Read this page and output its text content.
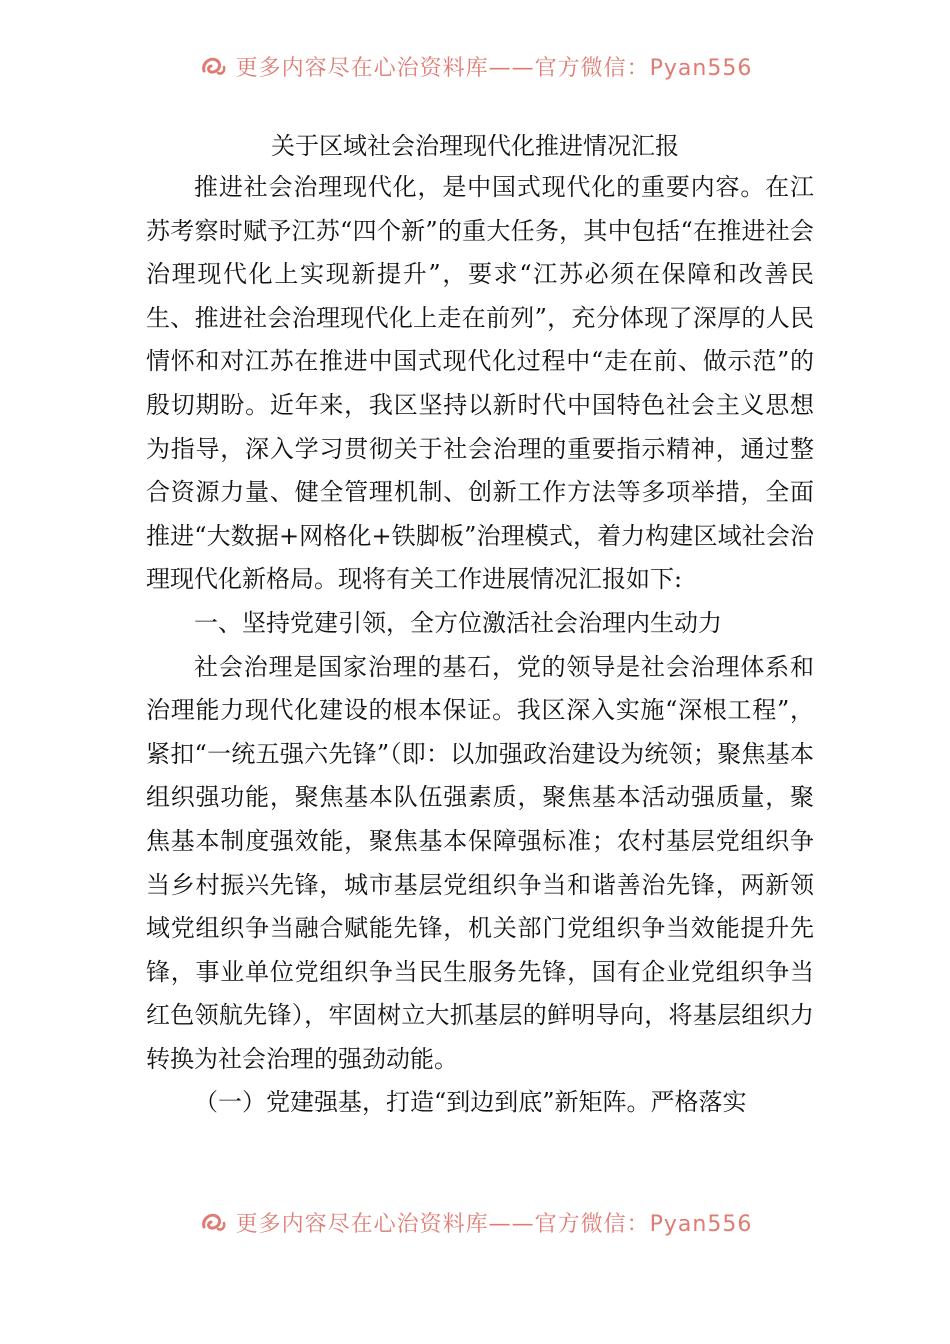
更多内容尽在心治资料库——官方微信：Pyan556
关于区域社会治理现代化推进情况汇报

推进社会治理现代化，是中国式现代化的重要内容。在江苏考察时赋予江苏“四个新”的重大任务，其中包括“在推进社会治理现代化上实现新提升”，要求“江苏必须在保障和改善民生、推进社会治理现代化上走在前列”，充分体现了深厚的人民情怀和对江苏在推进中国式现代化过程中“走在前、做示范”的殷切期盼。近年来，我区坚持以新时代中国特色社会主义思想为指导，深入学习贯彻关于社会治理的重要指示精神，通过整合资源力量、健全管理机制、创新工作方法等多项举措，全面推进“大数据+网格化+铁脚板”治理模式，着力构建区域社会治理现代化新格局。现将有关工作进展情况汇报如下:

一、坚持党建引领，全方位激活社会治理内生动力

社会治理是国家治理的基石，党的领导是社会治理体系和治理能力现代化建设的根本保证。我区深入实施“深根工程”，紧扣“一统五强六先锋”（即：以加强政治建设为统领；聚焦基本组织强功能，聚焦基本队伍强素质，聚焦基本活动强质量，聚焦基本制度强效能，聚焦基本保障强标准；农村基层党组织争当乡村振兴先锋，城市基层党组织争当和谐善治先锋，两新领域党组织争当融合赋能先锋，机关部门党组织争当效能提升先锋，事业单位党组织争当民生服务先锋，国有企业党组织争当红色领航先锋），牢固树立大抓基层的鲜明导向，将基层组织力转换为社会治理的强劲动能。

（一）党建强基，打造“到边到底”新矩阵。严格落实

更多内容尽在心治资料库——官方微信：Pyan556
